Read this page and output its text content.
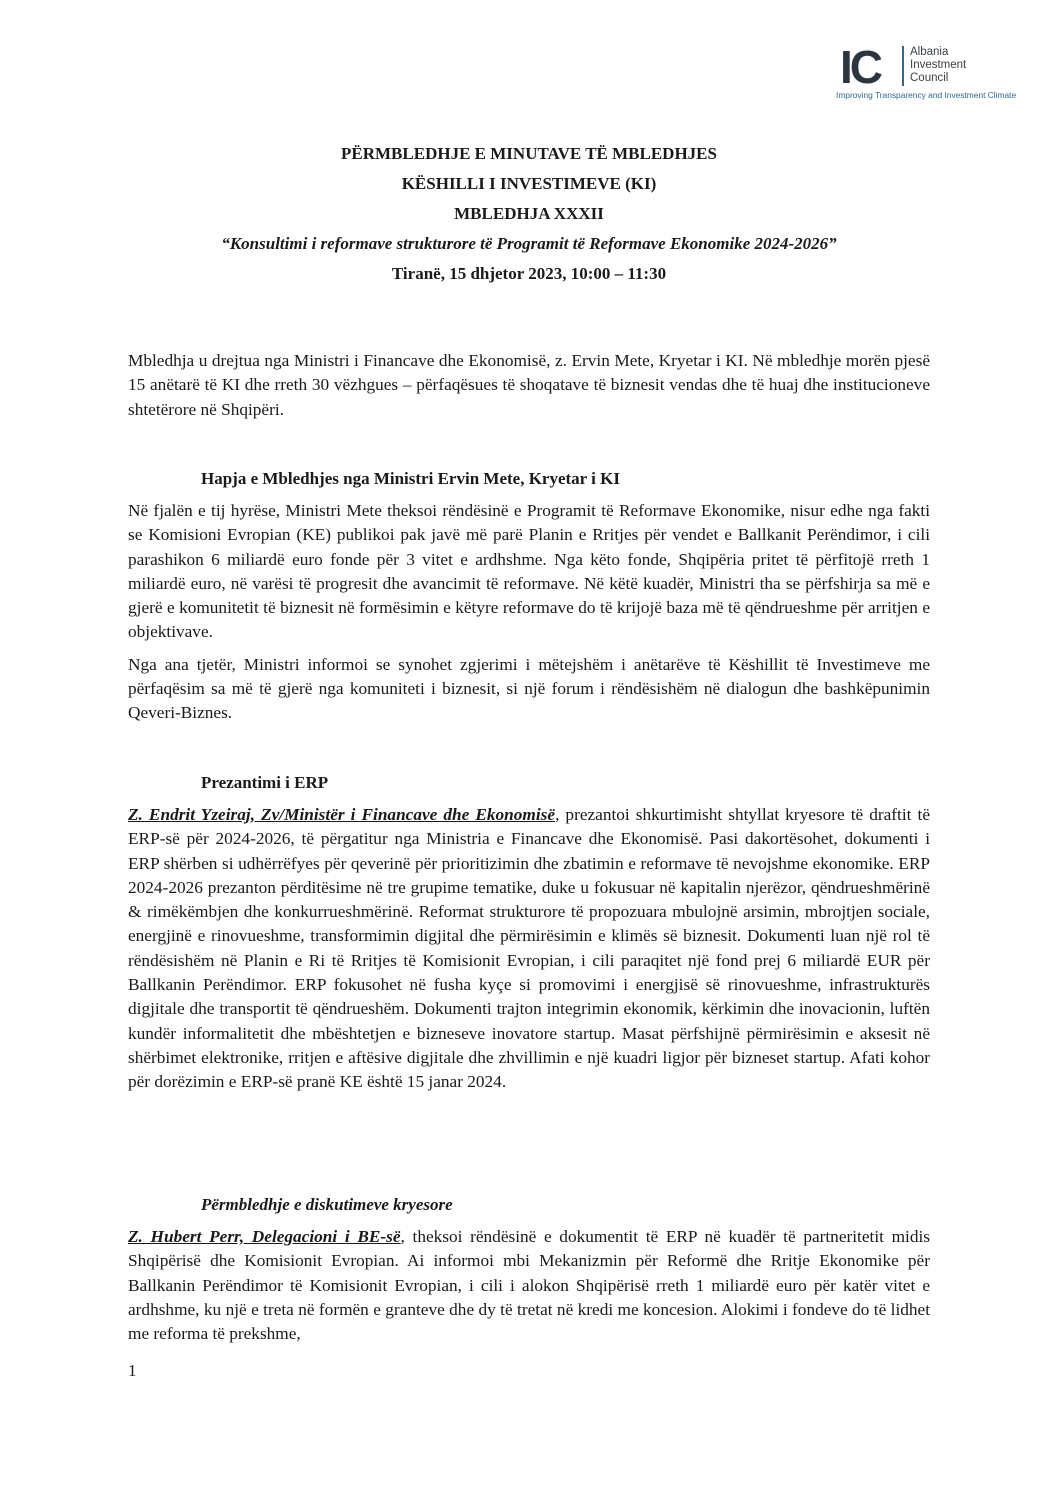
IC	Albania
Investment
Council
Improving Transparency and Investment Climate
PËRMBLEDHJE E MINUTAVE TË MBLEDHJES
KËSHILLI I INVESTIMEVE (KI)
MBLEDHJA XXXII
“Konsultimi i reformave strukturore të Programit të Reformave Ekonomike 2024-2026”
Tiranë, 15 dhjetor 2023, 10:00 – 11:30

Mbledhja u drejtua nga Ministri i Financave dhe Ekonomisë, z. Ervin Mete, Kryetar i KI. Në mbledhje morën pjesë 15 anëtarë të KI dhe rreth 30 vëzhgues – përfaqësues të shoqatave të biznesit vendas dhe të huaj dhe institucioneve shtetërore në Shqipëri.

Hapja e Mbledhjes nga Ministri Ervin Mete, Kryetar i KI

Në fjalën e tij hyrëse, Ministri Mete theksoi rëndësinë e Programit të Reformave Ekonomike, nisur edhe nga fakti se Komisioni Evropian (KE) publikoi pak javë më parë Planin e Rritjes për vendet e Ballkanit Perëndimor, i cili parashikon 6 miliardë euro fonde për 3 vitet e ardhshme. Nga këto fonde, Shqipëria pritet të përfitojë rreth 1 miliardë euro, në varësi të progresit dhe avancimit të reformave. Në këtë kuadër, Ministri tha se përfshirja sa më e gjerë e komunitetit të biznesit në formësimin e këtyre reformave do të krijojë baza më të qëndrueshme për arritjen e objektivave.

Nga ana tjetër, Ministri informoi se synohet zgjerimi i mëtejshëm i anëtarëve të Këshillit të Investimeve me përfaqësim sa më të gjerë nga komuniteti i biznesit, si një forum i rëndësishëm në dialogun dhe bashkëpunimin Qeveri-Biznes.

Prezantimi i ERP

Z. Endrit Yzeiraj, Zv/Ministër i Financave dhe Ekonomisë, prezantoi shkurtimisht shtyllat kryesore të draftit të ERP-së për 2024-2026, të përgatitur nga Ministria e Financave dhe Ekonomisë. Pasi dakortësohet, dokumenti i ERP shërben si udhërrëfyes për qeverinë për prioritizimin dhe zbatimin e reformave të nevojshme ekonomike. ERP 2024-2026 prezanton përditësime në tre grupime tematike, duke u fokusuar në kapitalin njerëzor, qëndrueshmërinë & rimëkëmbjen dhe konkurrueshmërinë. Reformat strukturore të propozuara mbulojnë arsimin, mbrojtjen sociale, energjinë e rinovueshme, transformimin digjital dhe përmirësimin e klimës së biznesit. Dokumenti luan një rol të rëndësishëm në Planin e Ri të Rritjes të Komisionit Evropian, i cili paraqitet një fond prej 6 miliardë EUR për Ballkanin Perëndimor. ERP fokusohet në fusha kyçe si promovimi i energjisë së rinovueshme, infrastrukturës digjitale dhe transportit të qëndrueshëm. Dokumenti trajton integrimin ekonomik, kërkimin dhe inovacionin, luftën kundër informalitetit dhe mbështetjen e bizneseve inovatore startup. Masat përfshijnë përmirësimin e aksesit në shërbimet elektronike, rritjen e aftësive digjitale dhe zhvillimin e një kuadri ligjor për bizneset startup. Afati kohor për dorëzimin e ERP-së pranë KE është 15 janar 2024.

Përmbledhje e diskutimeve kryesore

Z. Hubert Perr, Delegacioni i BE-së, theksoi rëndësinë e dokumentit të ERP në kuadër të partneritetit midis Shqipërisë dhe Komisionit Evropian. Ai informoi mbi Mekanizmin për Reformë dhe Rritje Ekonomike për Ballkanin Perëndimor të Komisionit Evropian, i cili i alokon Shqipërisë rreth 1 miliardë euro për katër vitet e ardhshme, ku një e treta në formën e granteve dhe dy të tretat në kredi me koncesion. Alokimi i fondeve do të lidhet me reforma të prekshme,

1
